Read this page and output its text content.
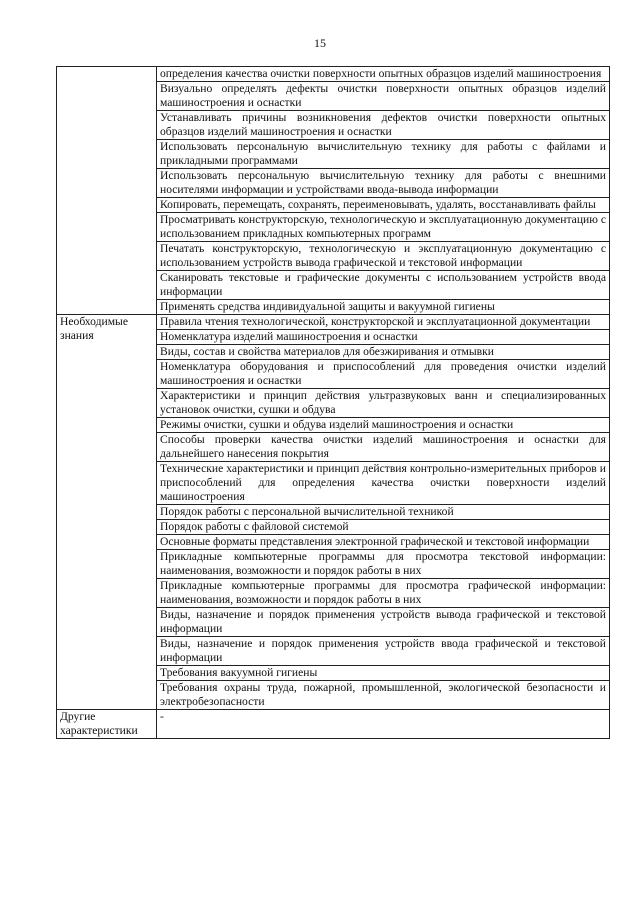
15
	определения качества очистки поверхности опытных образцов изделий машиностроения
	Визуально определять дефекты очистки поверхности опытных образцов изделий машиностроения и оснастки
	Устанавливать причины возникновения дефектов очистки поверхности опытных образцов изделий машиностроения и оснастки
	Использовать персональную вычислительную технику для работы с файлами и прикладными программами
	Использовать персональную вычислительную технику для работы с внешними носителями информации и устройствами ввода-вывода информации
	Копировать, перемещать, сохранять, переименовывать, удалять, восстанавливать файлы
	Просматривать конструкторскую, технологическую и эксплуатационную документацию с использованием прикладных компьютерных программ
	Печатать конструкторскую, технологическую и эксплуатационную документацию с использованием устройств вывода графической и текстовой информации
	Сканировать текстовые и графические документы с использованием устройств ввода информации
	Применять средства индивидуальной защиты и вакуумной гигиены
Необходимые знания	Правила чтения технологической, конструкторской и эксплуатационной документации
	Номенклатура изделий машиностроения и оснастки
	Виды, состав и свойства материалов для обезжиривания и отмывки
	Номенклатура оборудования и приспособлений для проведения очистки изделий машиностроения и оснастки
	Характеристики и принцип действия ультразвуковых ванн и специализированных установок очистки, сушки и обдува
	Режимы очистки, сушки и обдува изделий машиностроения и оснастки
	Способы проверки качества очистки изделий машиностроения и оснастки для дальнейшего нанесения покрытия
	Технические характеристики и принцип действия контрольно-измерительных приборов и приспособлений для определения качества очистки поверхности изделий машиностроения
	Порядок работы с персональной вычислительной техникой
	Порядок работы с файловой системой
	Основные форматы представления электронной графической и текстовой информации
	Прикладные компьютерные программы для просмотра текстовой информации: наименования, возможности и порядок работы в них
	Прикладные компьютерные программы для просмотра графической информации: наименования, возможности и порядок работы в них
	Виды, назначение и порядок применения устройств вывода графической и текстовой информации
	Виды, назначение и порядок применения устройств ввода графической и текстовой информации
	Требования вакуумной гигиены
	Требования охраны труда, пожарной, промышленной, экологической безопасности и электробезопасности
Другие характеристики	-
